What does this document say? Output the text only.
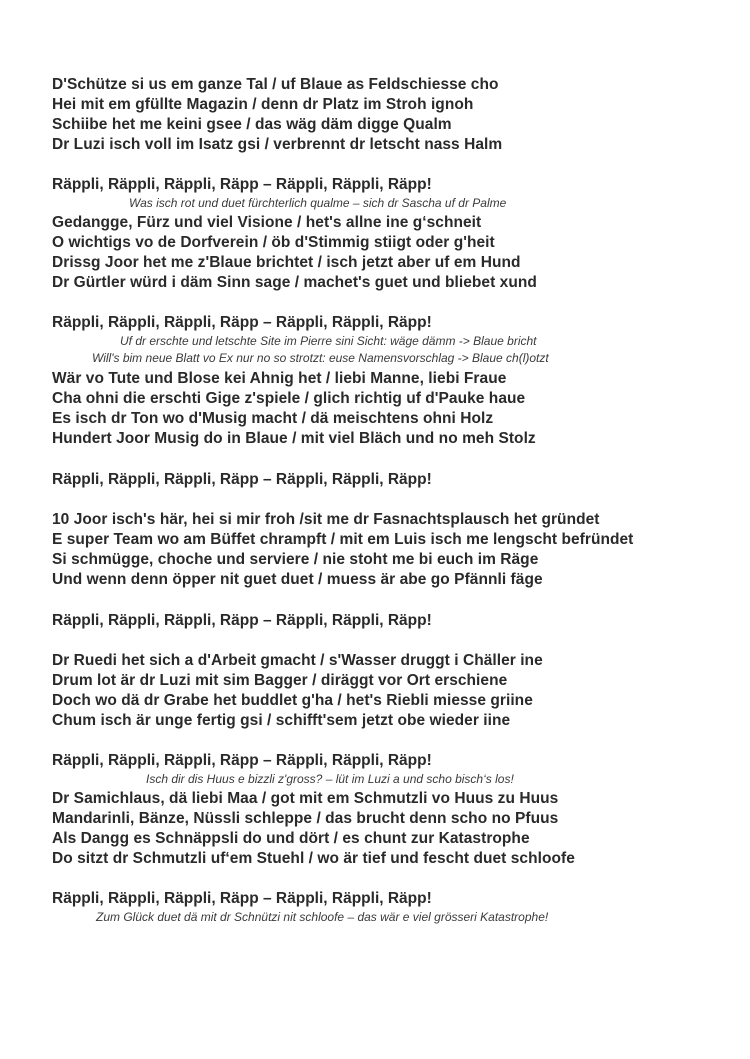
D'Schütze si us em ganze Tal / uf Blaue as Feldschiesse cho
Hei mit em gfüllte Magazin / denn dr Platz im Stroh ignoh
Schiibe het me keini gsee / das wäg däm digge Qualm
Dr Luzi isch voll im Isatz gsi / verbrennt dr letscht nass Halm
Räppli, Räppli, Räppli, Räpp – Räppli, Räppli, Räpp!
Was isch rot und duet fürchterlich qualme – sich dr Sascha uf dr Palme
Gedangge, Fürz und viel Visione / het's allne ine g‘schneit
O wichtigs vo de Dorfverein / öb d'Stimmig stiigt oder g'heit
Drissg Joor het me z'Blaue brichtet / isch jetzt aber uf em Hund
Dr Gürtler würd i däm Sinn sage / machet's guet und bliebet xund
Räppli, Räppli, Räppli, Räpp – Räppli, Räppli, Räpp!
Uf dr erschte und letschte Site im Pierre sini Sicht: wäge dämm -> Blaue bricht
Will's bim neue Blatt vo Ex nur no so strotzt: euse Namensvorschlag -> Blaue ch(l)otzt
Wär vo Tute und Blose kei Ahnig het / liebi Manne, liebi Fraue
Cha ohni die erschti Gige z'spiele / glich richtig uf d'Pauke haue
Es isch dr Ton wo d'Musig macht / dä meischtens ohni Holz
Hundert Joor Musig do in Blaue / mit viel Bläch und no meh Stolz
Räppli, Räppli, Räppli, Räpp – Räppli, Räppli, Räpp!
10 Joor isch's här, hei si mir froh /sit me dr Fasnachtsplausch het gründet
E super Team wo am Büffet chrampft / mit em Luis isch me lengscht befründet
Si schmügge, choche und serviere / nie stoht me bi euch im Räge
Und wenn denn öpper nit guet duet / muess är abe go Pfännli fäge
Räppli, Räppli, Räppli, Räpp – Räppli, Räppli, Räpp!
Dr Ruedi het sich a d'Arbeit gmacht / s'Wasser druggt i Chäller ine
Drum lot är dr Luzi mit sim Bagger / diräggt vor Ort erschiene
Doch wo dä dr Grabe het buddlet g'ha / het's Riebli miesse griine
Chum isch är unge fertig gsi / schifft'sem jetzt obe wieder iine
Räppli, Räppli, Räppli, Räpp – Räppli, Räppli, Räpp!
Isch dir dis Huus e bizzli z'gross? – lüt im Luzi a und scho bisch‘s los!
Dr Samichlaus, dä liebi Maa / got mit em Schmutzli vo Huus zu Huus
Mandarinli, Bänze, Nüssli schleppe / das brucht denn scho no Pfuus
Als Dangg es Schnäppsli do und dört / es chunt zur Katastrophe
Do sitzt dr Schmutzli uf‘em Stuehl / wo är tief und fescht duet schloofe
Räppli, Räppli, Räppli, Räpp – Räppli, Räppli, Räpp!
Zum Glück duet dä mit dr Schnützi nit schloofe – das wär e viel grösseri Katastrophe!
